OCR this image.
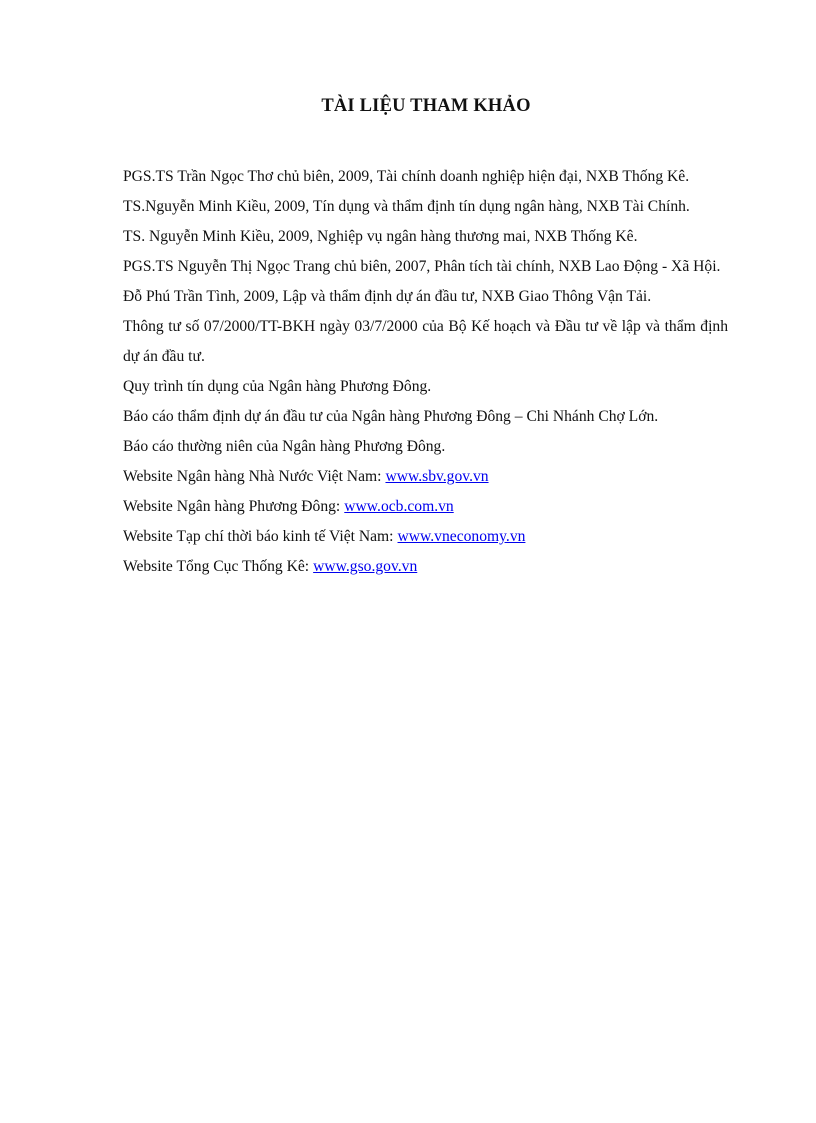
TÀI LIỆU THAM KHẢO

PGS.TS Trần Ngọc Thơ chủ biên, 2009, Tài chính doanh nghiệp hiện đại, NXB Thống Kê.

TS.Nguyễn Minh Kiều, 2009, Tín dụng và thẩm định tín dụng ngân hàng, NXB Tài Chính.

TS. Nguyễn Minh Kiều, 2009, Nghiệp vụ ngân hàng thương mai, NXB Thống Kê.

PGS.TS Nguyễn Thị Ngọc Trang chủ biên, 2007, Phân tích tài chính, NXB Lao Động - Xã Hội.

Đỗ Phú Trần Tình, 2009, Lập và thẩm định dự án đầu tư, NXB Giao Thông Vận Tải.

Thông tư số 07/2000/TT-BKH ngày 03/7/2000 của Bộ Kế hoạch và Đầu tư về lập và thẩm định dự án đầu tư.

Quy trình tín dụng của Ngân hàng Phương Đông.

Báo cáo thẩm định dự án đầu tư của Ngân hàng Phương Đông – Chi Nhánh Chợ Lớn.

Báo cáo thường niên của Ngân hàng Phương Đông.

Website Ngân hàng Nhà Nước Việt Nam: www.sbv.gov.vn

Website Ngân hàng Phương Đông: www.ocb.com.vn

Website Tạp chí thời báo kinh tế Việt Nam: www.vneconomy.vn

Website Tổng Cục Thống Kê: www.gso.gov.vn
